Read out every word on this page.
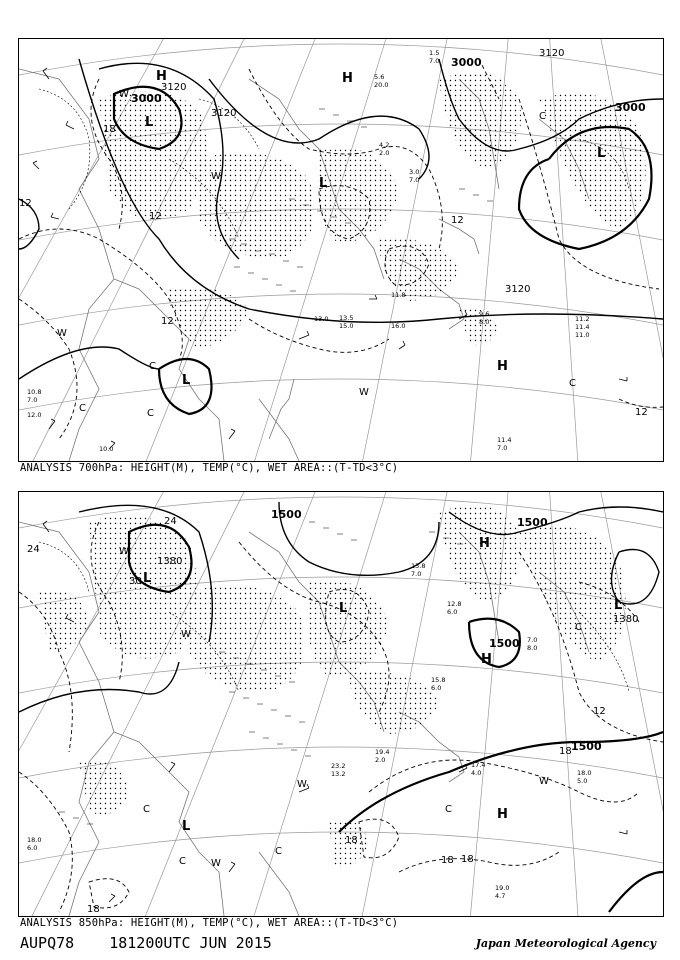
3000
3120
3000
3000
3120
3120
3120
18
12
12
12
12
12
H
L
L
H
L
H
L
C
W
W
W
C
C
W
C
C
11.4
16.0
11.2
11.0
9.6
8.0
11.8
13.0
10.8
7.0
12.0
10.0
11.4
7.0
13.5
15.0
4.2
2.0
3.0
7.0
1.5
7.0
5.6
20.0
ANALYSIS 700hPa: HEIGHT(M), TEMP(°C), WET AREA::(T-TD<3°C)
1500
1500
1380
1380
1500
1500
24
24
30
18
18
12
18
18
18
L
H
L
H
L
L
H
C
W
W
W
C
W
C
C
W
C
19.4
2.0
17.4
4.0	18.0
5.0
19.0
4.7
15.8
6.0
13.8
7.0
7.0
8.0
18.0
6.0
23.2
13.2
12.8
6.0
ANALYSIS 850hPa: HEIGHT(M), TEMP(°C), WET AREA::(T-TD<3°C)
AUPQ78 181200UTC JUN 2015	Japan Meteorological Agency
